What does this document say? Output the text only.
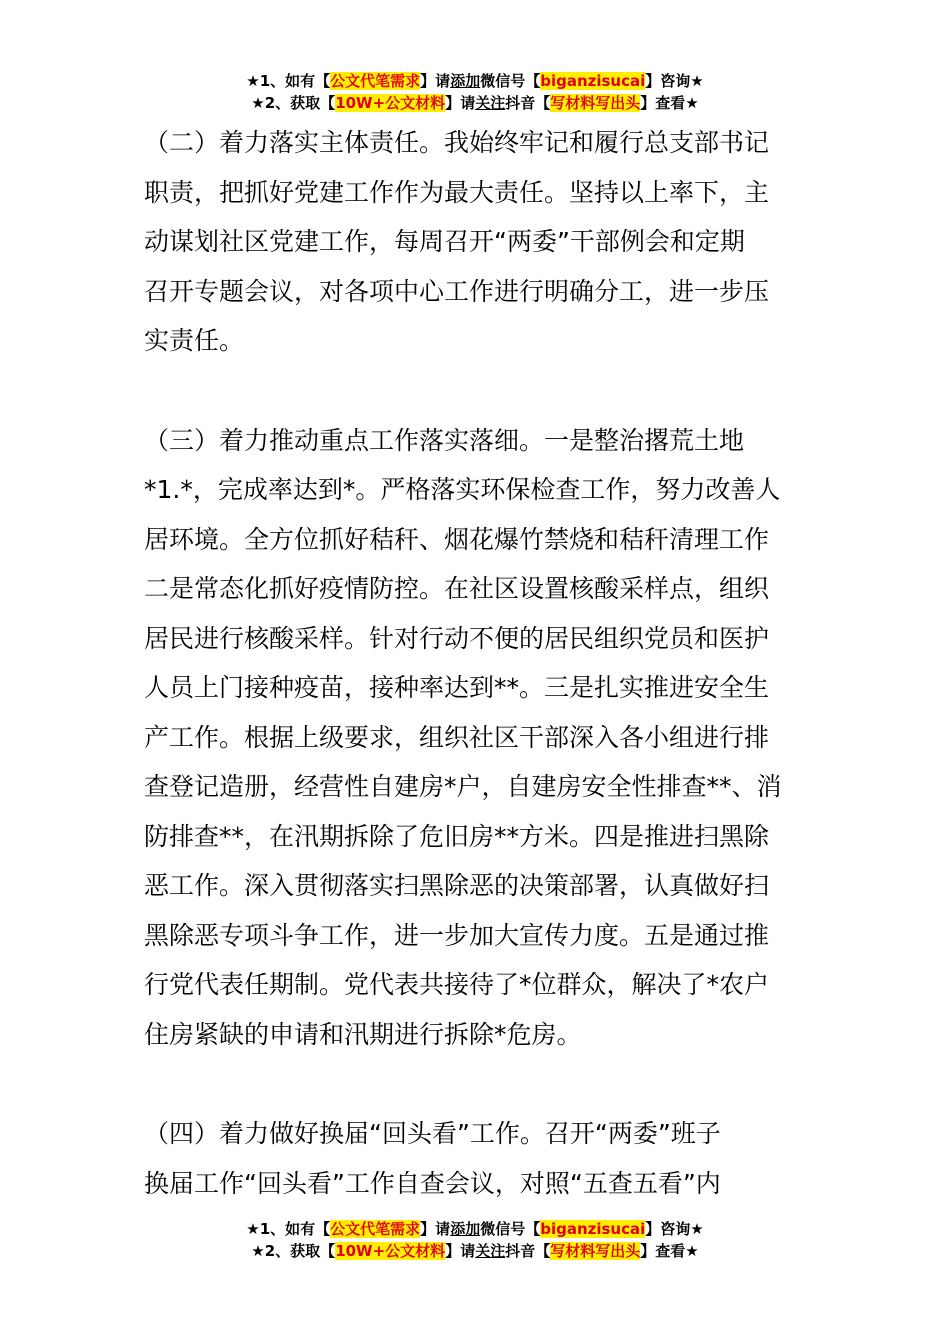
★1、如有【公文代笔需求】请添加微信号【biganzisucai】咨询★
★2、获取【10W+公文材料】请关注抖音【写材料写出头】查看★

（二）着力落实主体责任。我始终牢记和履行总支部书记
职责，把抓好党建工作作为最大责任。坚持以上率下，主
动谋划社区党建工作，每周召开“两委”干部例会和定期
召开专题会议，对各项中心工作进行明确分工，进一步压
实责任。

（三）着力推动重点工作落实落细。一是整治撂荒土地
*1.*，完成率达到*。严格落实环保检查工作，努力改善人
居环境。全方位抓好秸秆、烟花爆竹禁烧和秸秆清理工作
二是常态化抓好疫情防控。在社区设置核酸采样点，组织
居民进行核酸采样。针对行动不便的居民组织党员和医护
人员上门接种疫苗，接种率达到**。三是扎实推进安全生
产工作。根据上级要求，组织社区干部深入各小组进行排
查登记造册，经营性自建房*户，自建房安全性排查**、消
防排查**，在汛期拆除了危旧房**方米。四是推进扫黑除
恶工作。深入贯彻落实扫黑除恶的决策部署，认真做好扫
黑除恶专项斗争工作，进一步加大宣传力度。五是通过推
行党代表任期制。党代表共接待了*位群众，解决了*农户
住房紧缺的申请和汛期进行拆除*危房。

（四）着力做好换届“回头看”工作。召开“两委”班子
换届工作“回头看”工作自查会议，对照“五查五看”内

★1、如有【公文代笔需求】请添加微信号【biganzisucai】咨询★
★2、获取【10W+公文材料】请关注抖音【写材料写出头】查看★
